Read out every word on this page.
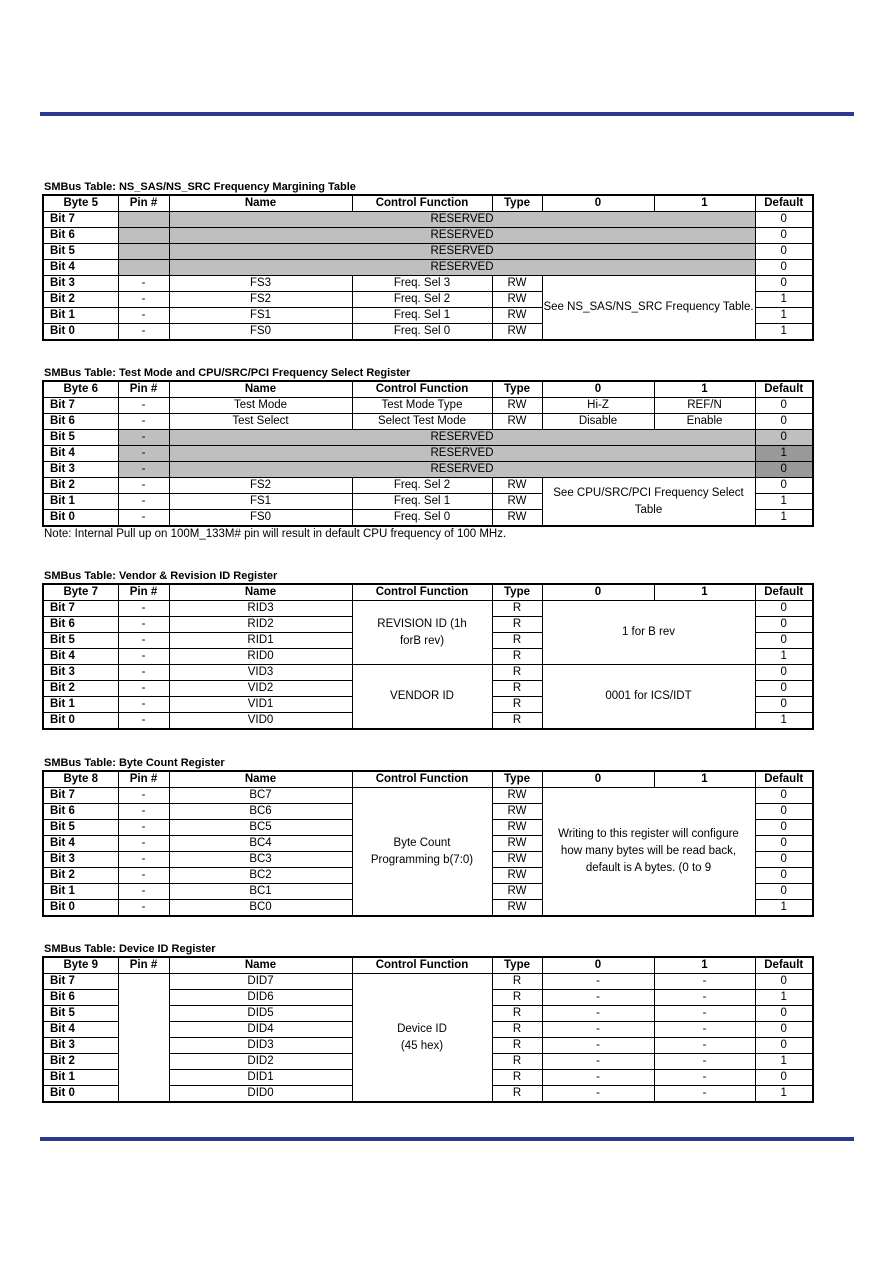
SMBus Table: NS_SAS/NS_SRC Frequency Margining Table
Byte 5	Pin #	Name	Control Function	Type	0	1	Default
Bit 7		RESERVED					0
Bit 6		RESERVED					0
Bit 5		RESERVED					0
Bit 4		RESERVED					0
Bit 3	-	FS3	Freq. Sel 3	RW	See NS_SAS/NS_SRC Frequency Table.		0
Bit 2	-	FS2	Freq. Sel 2	RW			1
Bit 1	-	FS1	Freq. Sel 1	RW			1
Bit 0	-	FS0	Freq. Sel 0	RW			1
SMBus Table: Test Mode and CPU/SRC/PCI Frequency Select Register
Byte 6	Pin #	Name	Control Function	Type	0	1	Default
Bit 7	-	Test Mode	Test Mode Type	RW	Hi-Z	REF/N	0
Bit 6	-	Test Select	Select Test Mode	RW	Disable	Enable	0
Bit 5	-	RESERVED					0
Bit 4	-	RESERVED					1
Bit 3	-	RESERVED					0
Bit 2	-	FS2	Freq. Sel 2	RW	See CPU/SRC/PCI Frequency Select Table		0
Bit 1	-	FS1	Freq. Sel 1	RW			1
Bit 0	-	FS0	Freq. Sel 0	RW			1
Note: Internal Pull up on 100M_133M# pin will result in default CPU frequency of 100 MHz.
SMBus Table: Vendor & Revision ID Register
Byte 7	Pin #	Name	Control Function	Type	0	1	Default
Bit 7	-	RID3	REVISION ID (1h forB rev)	R	1 for B rev		0
Bit 6	-	RID2		R			0
Bit 5	-	RID1		R			0
Bit 4	-	RID0		R			1
Bit 3	-	VID3	VENDOR ID	R	0001 for ICS/IDT		0
Bit 2	-	VID2		R			0
Bit 1	-	VID1		R			0
Bit 0	-	VID0		R			1
SMBus Table: Byte Count Register
Byte 8	Pin #	Name	Control Function	Type	0	1	Default
Bit 7	-	BC7	Byte Count Programming b(7:0)	RW	Writing to this register will configure how many bytes will be read back, default is A bytes. (0 to 9		0
Bit 6	-	BC6		RW			0
Bit 5	-	BC5		RW			0
Bit 4	-	BC4		RW			0
Bit 3	-	BC3		RW			0
Bit 2	-	BC2		RW			0
Bit 1	-	BC1		RW			0
Bit 0	-	BC0		RW			1
SMBus Table: Device ID Register
Byte 9	Pin #	Name	Control Function	Type	0	1	Default
Bit 7		DID7	Device ID (45 hex)	R	-	-	0
Bit 6		DID6		R	-	-	1
Bit 5		DID5		R	-	-	0
Bit 4		DID4		R	-	-	0
Bit 3		DID3		R	-	-	0
Bit 2		DID2		R	-	-	1
Bit 1		DID1		R	-	-	0
Bit 0		DID0		R	-	-	1
